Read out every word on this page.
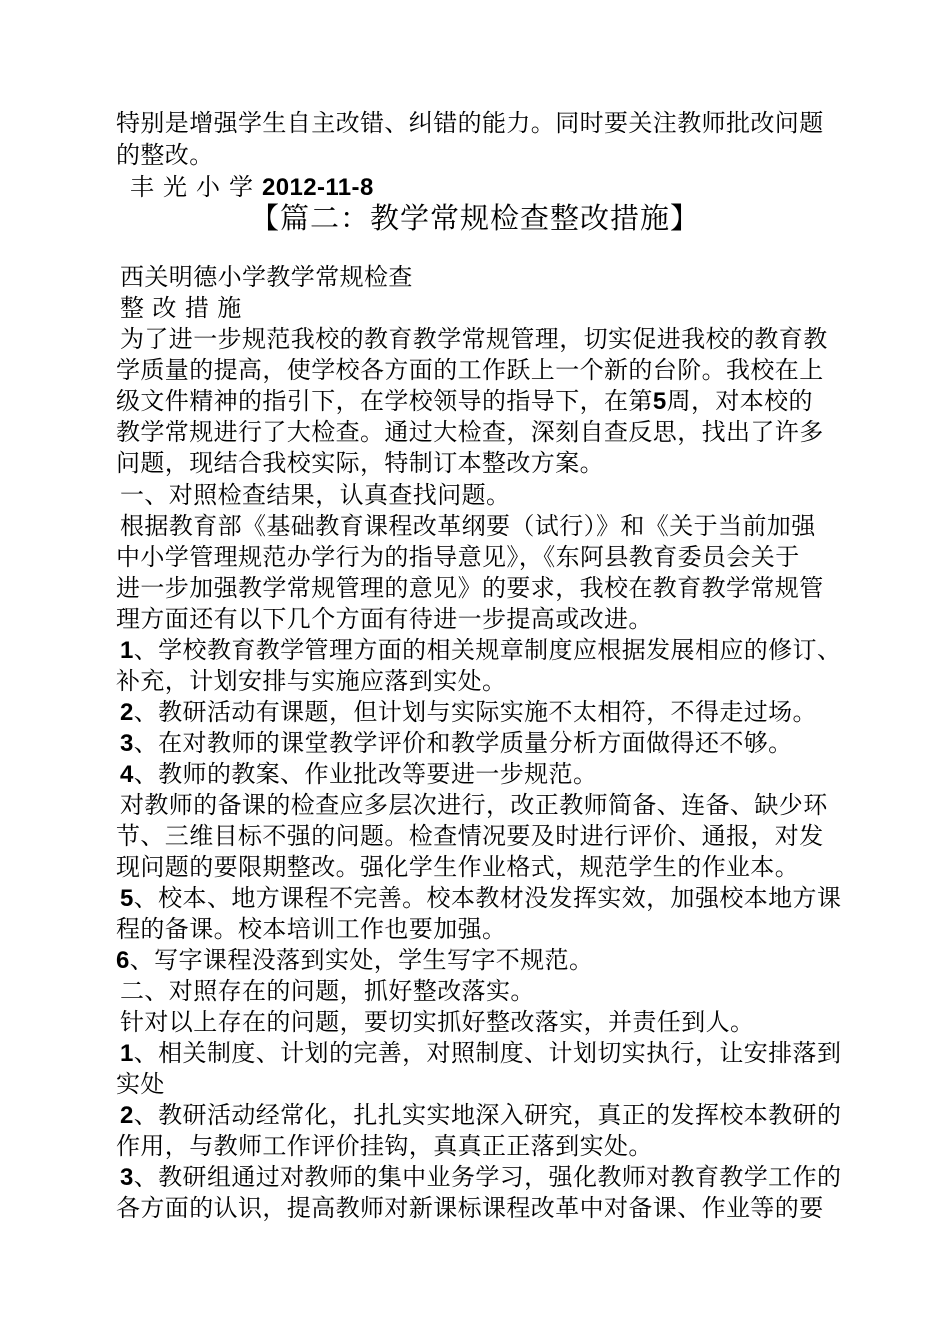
特别是增强学生自主改错、纠错的能力。同时要关注教师批改问题
的整改。
丰光小学2012-11-8
【篇二：教学常规检查整改措施】
西关明德小学教学常规检查
整 改 措 施
为了进一步规范我校的教育教学常规管理，切实促进我校的教育教
学质量的提高，使学校各方面的工作跃上一个新的台阶。我校在上
级文件精神的指引下，在学校领导的指导下，在第5周，对本校的
教学常规进行了大检查。通过大检查，深刻自查反思，找出了许多
问题，现结合我校实际，特制订本整改方案。
一、对照检查结果，认真查找问题。
根据教育部《基础教育课程改革纲要（试行）》和《关于当前加强
中小学管理规范办学行为的指导意见》，《东阿县教育委员会关于
进一步加强教学常规管理的意见》的要求，我校在教育教学常规管
理方面还有以下几个方面有待进一步提高或改进。
1、学校教育教学管理方面的相关规章制度应根据发展相应的修订、
补充，计划安排与实施应落到实处。
2、教研活动有课题，但计划与实际实施不太相符，不得走过场。
3、在对教师的课堂教学评价和教学质量分析方面做得还不够。
4、教师的教案、作业批改等要进一步规范。
对教师的备课的检查应多层次进行，改正教师简备、连备、缺少环
节、三维目标不强的问题。检查情况要及时进行评价、通报，对发
现问题的要限期整改。强化学生作业格式，规范学生的作业本。
5、校本、地方课程不完善。校本教材没发挥实效，加强校本地方课
程的备课。校本培训工作也要加强。
6、写字课程没落到实处，学生写字不规范。
二、对照存在的问题，抓好整改落实。
针对以上存在的问题，要切实抓好整改落实，并责任到人。
1、相关制度、计划的完善，对照制度、计划切实执行，让安排落到
实处
2、教研活动经常化，扎扎实实地深入研究，真正的发挥校本教研的
作用，与教师工作评价挂钩，真真正正落到实处。
3、教研组通过对教师的集中业务学习，强化教师对教育教学工作的
各方面的认识，提高教师对新课标课程改革中对备课、作业等的要
